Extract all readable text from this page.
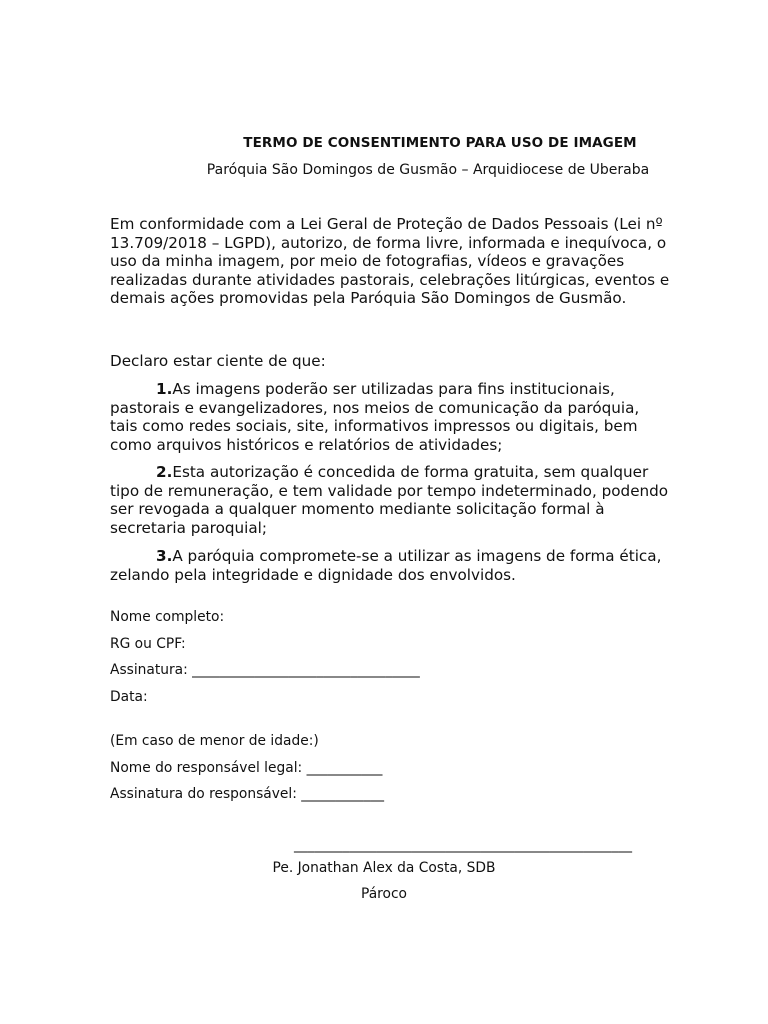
TERMO DE CONSENTIMENTO PARA USO DE IMAGEM
Paróquia São Domingos de Gusmão – Arquidiocese de Uberaba
Em conformidade com a Lei Geral de Proteção de Dados Pessoais (Lei nº 13.709/2018 – LGPD), autorizo, de forma livre, informada e inequívoca, o uso da minha imagem, por meio de fotografias, vídeos e gravações realizadas durante atividades pastorais, celebrações litúrgicas, eventos e demais ações promovidas pela Paróquia São Domingos de Gusmão.
Declaro estar ciente de que:
1.As imagens poderão ser utilizadas para fins institucionais, pastorais e evangelizadores, nos meios de comunicação da paróquia, tais como redes sociais, site, informativos impressos ou digitais, bem como arquivos históricos e relatórios de atividades;
2.Esta autorização é concedida de forma gratuita, sem qualquer tipo de remuneração, e tem validade por tempo indeterminado, podendo ser revogada a qualquer momento mediante solicitação formal à secretaria paroquial;
3.A paróquia compromete-se a utilizar as imagens de forma ética, zelando pela integridade e dignidade dos envolvidos.
Nome completo:
RG ou CPF:
Assinatura: _________________________________
Data:
(Em caso de menor de idade:)
Nome do responsável legal: ___________
Assinatura do responsável: ____________
_________________________________________________
Pe. Jonathan Alex da Costa, SDB
Pároco
